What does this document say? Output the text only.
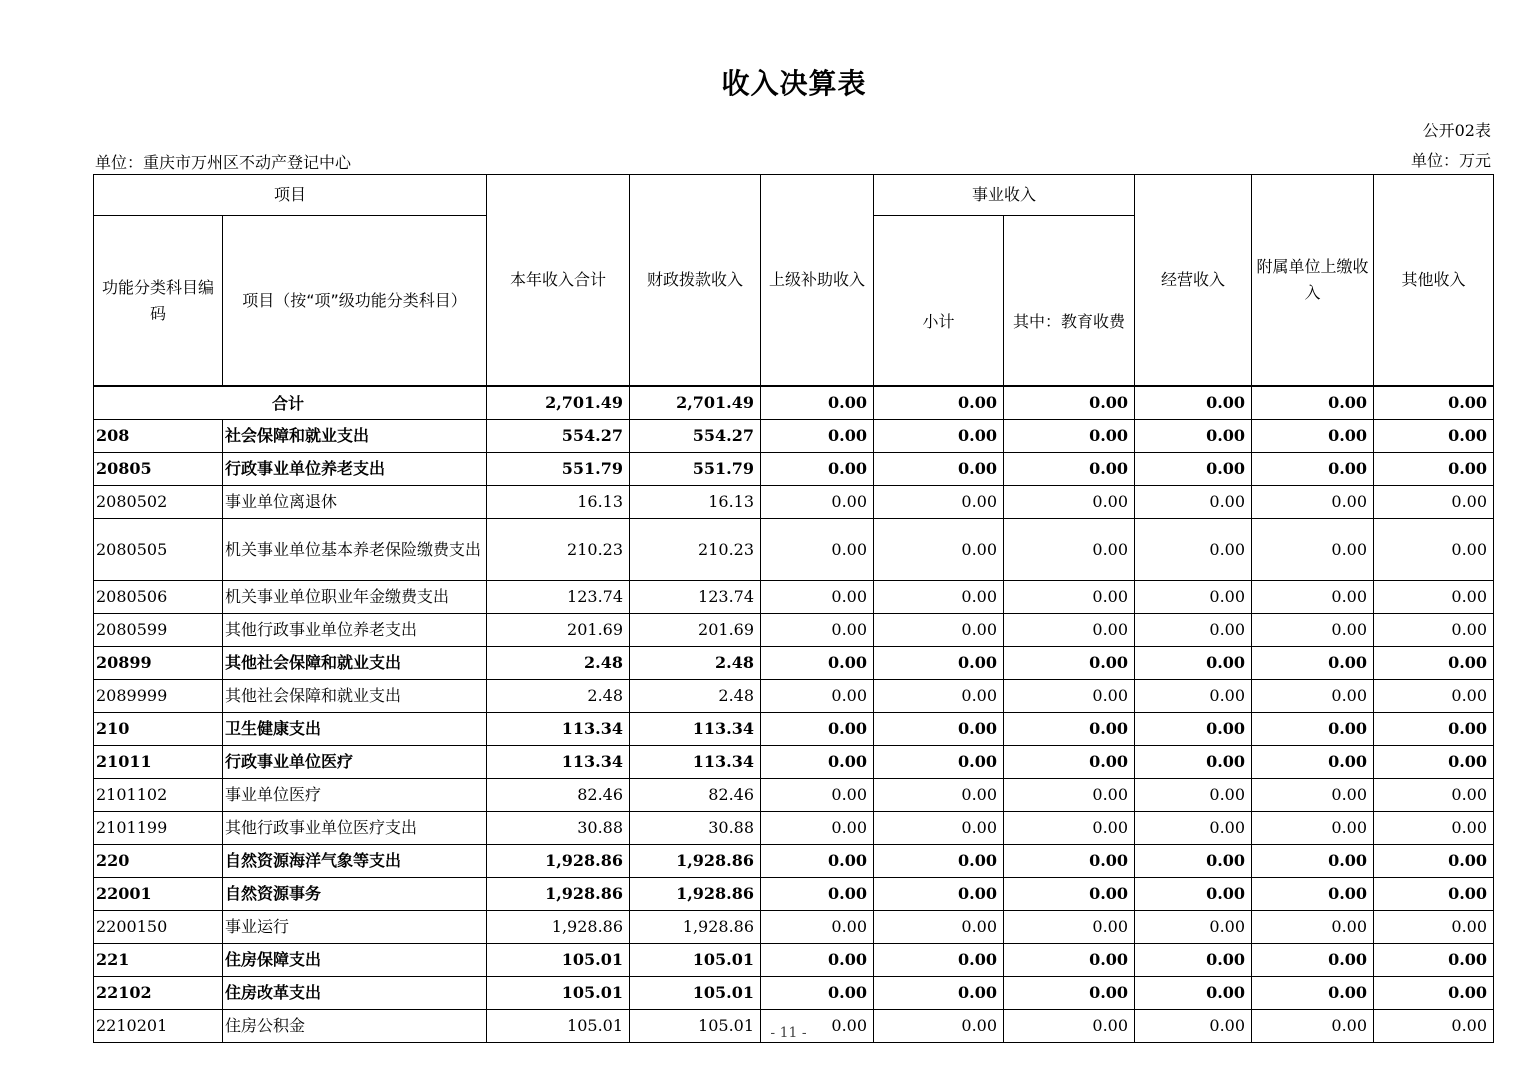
收入决算表
公开02表
单位：重庆市万州区不动产登记中心	单位：万元
项目		本年收入合计	财政拨款收入	上级补助收入	事业收入		经营收入	附属单位上缴收入	其他收入
功能分类科目编码	项目（按“项”级功能分类科目）				小计	其中：教育收费			
合计		2,701.49	2,701.49	0.00	0.00	0.00	0.00	0.00	0.00
208	社会保障和就业支出	554.27	554.27	0.00	0.00	0.00	0.00	0.00	0.00
20805	行政事业单位养老支出	551.79	551.79	0.00	0.00	0.00	0.00	0.00	0.00
2080502	事业单位离退休	16.13	16.13	0.00	0.00	0.00	0.00	0.00	0.00
2080505	机关事业单位基本养老保险缴费支出	210.23	210.23	0.00	0.00	0.00	0.00	0.00	0.00
2080506	机关事业单位职业年金缴费支出	123.74	123.74	0.00	0.00	0.00	0.00	0.00	0.00
2080599	其他行政事业单位养老支出	201.69	201.69	0.00	0.00	0.00	0.00	0.00	0.00
20899	其他社会保障和就业支出	2.48	2.48	0.00	0.00	0.00	0.00	0.00	0.00
2089999	其他社会保障和就业支出	2.48	2.48	0.00	0.00	0.00	0.00	0.00	0.00
210	卫生健康支出	113.34	113.34	0.00	0.00	0.00	0.00	0.00	0.00
21011	行政事业单位医疗	113.34	113.34	0.00	0.00	0.00	0.00	0.00	0.00
2101102	事业单位医疗	82.46	82.46	0.00	0.00	0.00	0.00	0.00	0.00
2101199	其他行政事业单位医疗支出	30.88	30.88	0.00	0.00	0.00	0.00	0.00	0.00
220	自然资源海洋气象等支出	1,928.86	1,928.86	0.00	0.00	0.00	0.00	0.00	0.00
22001	自然资源事务	1,928.86	1,928.86	0.00	0.00	0.00	0.00	0.00	0.00
2200150	事业运行	1,928.86	1,928.86	0.00	0.00	0.00	0.00	0.00	0.00
221	住房保障支出	105.01	105.01	0.00	0.00	0.00	0.00	0.00	0.00
22102	住房改革支出	105.01	105.01	0.00	0.00	0.00	0.00	0.00	0.00
2210201	住房公积金	105.01	105.01	0.00	0.00	0.00	0.00	0.00	0.00
- 11 -
